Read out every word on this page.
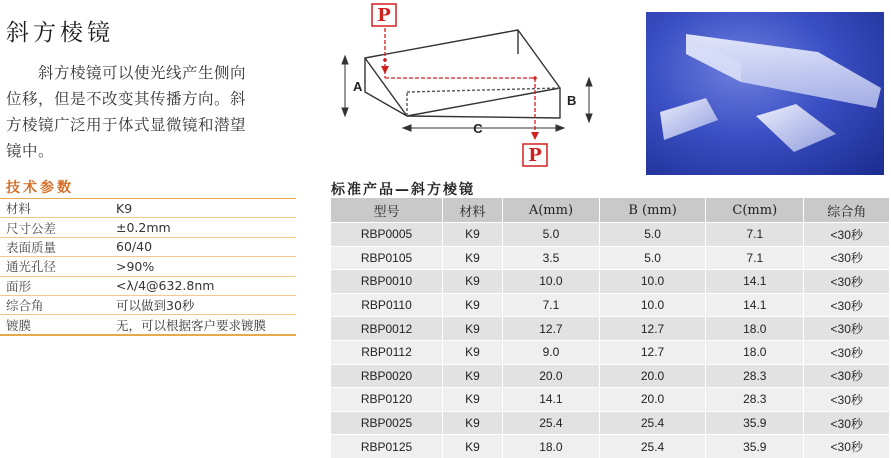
斜方棱镜

斜方棱镜可以使光线产生侧向位移，但是不改变其传播方向。斜方棱镜广泛用于体式显微镜和潜望镜中。

技术参数
材料	K9
尺寸公差	±0.2mm
表面质量	60/40
通光孔径	>90%
面形	<λ/4@632.8nm
综合角	可以做到30秒
镀膜	无，可以根据客户要求镀膜
P
P
A
B
C
标准产品—斜方棱镜
型号	材料	A(mm)	B (mm)	C(mm)	综合角
RBP0005	K9	5.0	5.0	7.1	<30秒
RBP0105	K9	3.5	5.0	7.1	<30秒
RBP0010	K9	10.0	10.0	14.1	<30秒
RBP0110	K9	7.1	10.0	14.1	<30秒
RBP0012	K9	12.7	12.7	18.0	<30秒
RBP0112	K9	9.0	12.7	18.0	<30秒
RBP0020	K9	20.0	20.0	28.3	<30秒
RBP0120	K9	14.1	20.0	28.3	<30秒
RBP0025	K9	25.4	25.4	35.9	<30秒
RBP0125	K9	18.0	25.4	35.9	<30秒
